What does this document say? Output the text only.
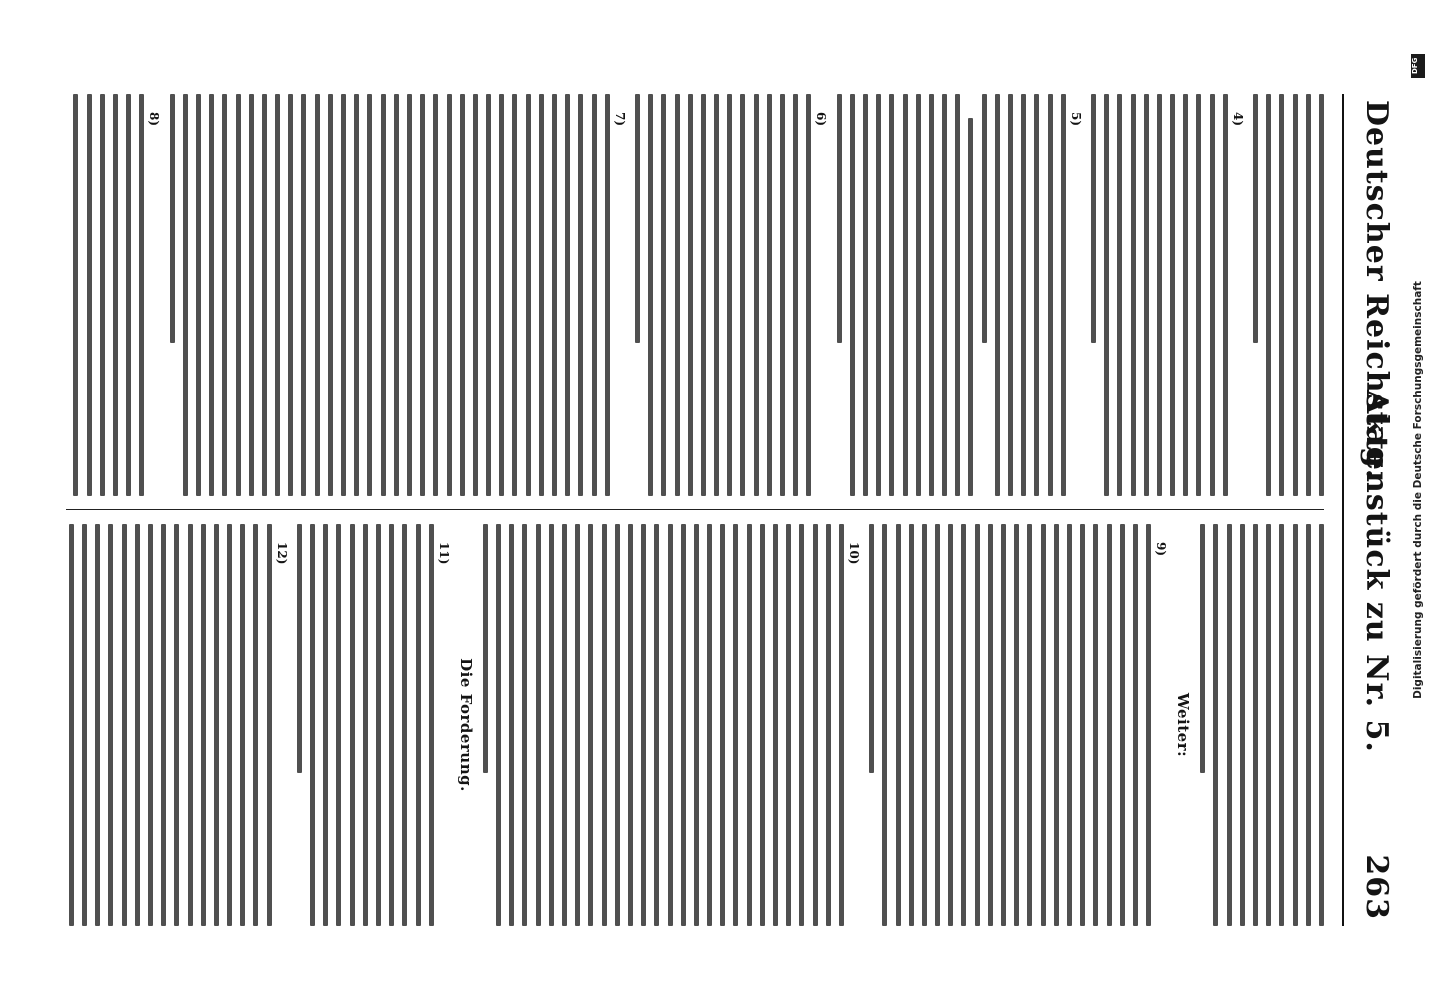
Deutscher Reichstag.
Aktenstück zu Nr. 5.
263
4)
5)
6)
7)
8)
Weiter:
9)
10)
Die Forderung.
11)
12)
DFG
Digitalisierung gefördert durch die Deutsche Forschungsgemeinschaft
